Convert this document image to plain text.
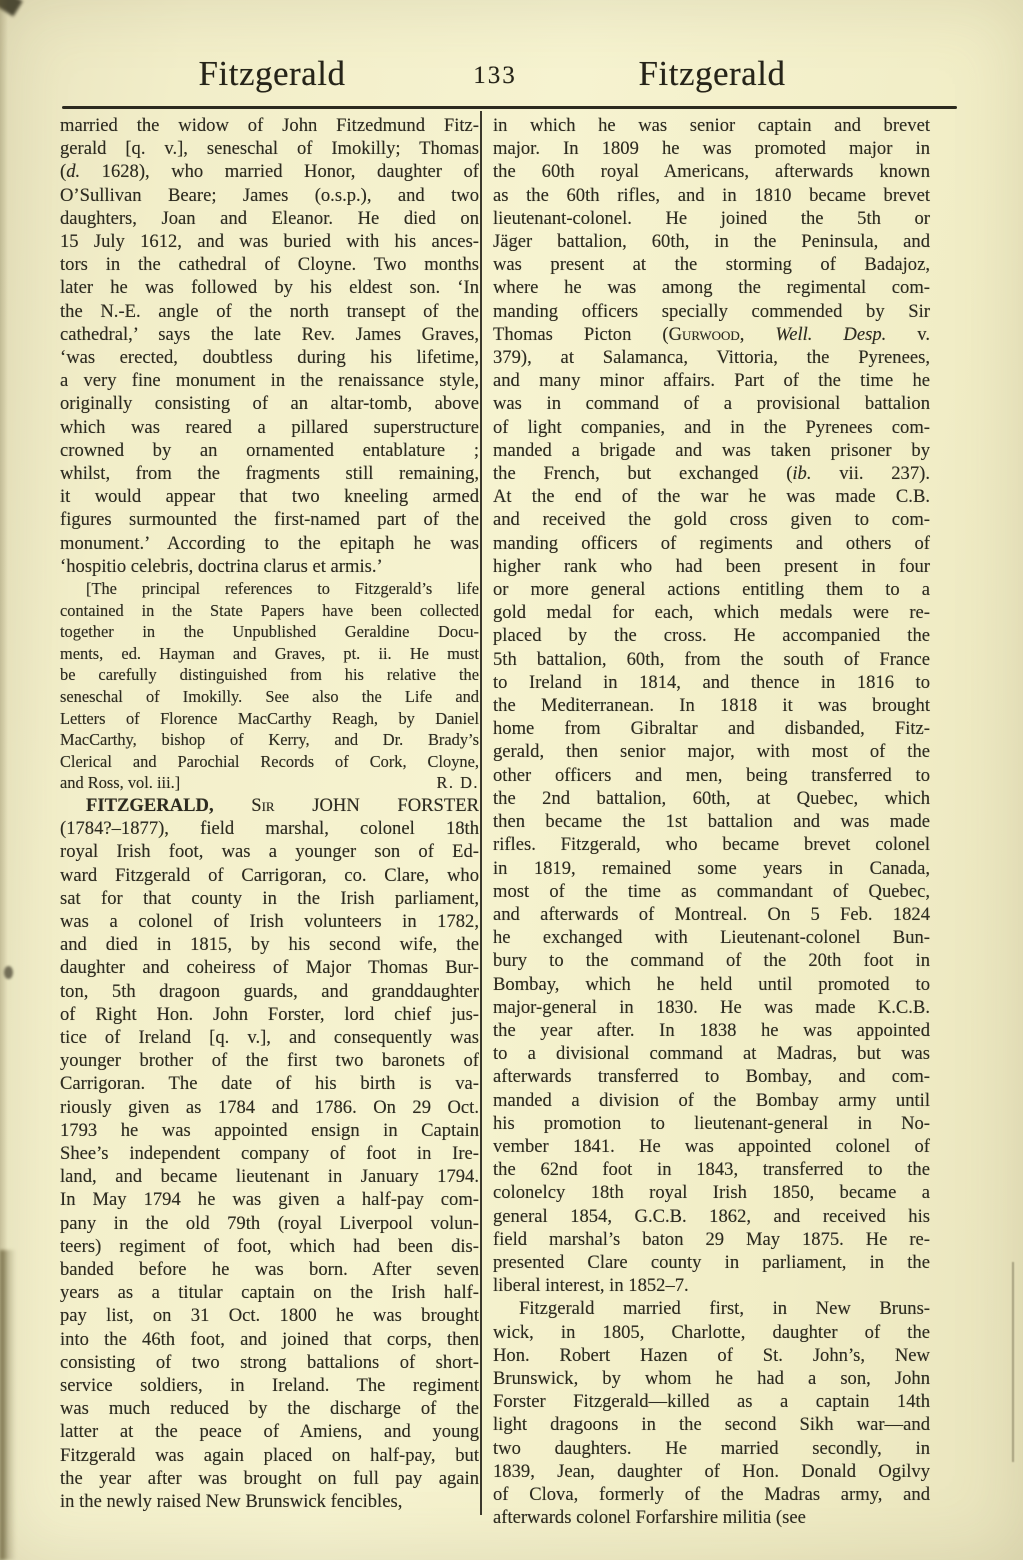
Fitzgerald	133	Fitzgerald
married the widow of John Fitzedmund Fitz-
gerald [q. v.], seneschal of Imokilly; Thomas
(d. 1628), who married Honor, daughter of
O’Sullivan Beare; James (o.s.p.), and two
daughters, Joan and Eleanor. He died on
15 July 1612, and was buried with his ances-
tors in the cathedral of Cloyne. Two months
later he was followed by his eldest son. ‘In
the N.-E. angle of the north transept of the
cathedral,’ says the late Rev. James Graves,
‘was erected, doubtless during his lifetime,
a very fine monument in the renaissance style,
originally consisting of an altar-tomb, above
which was reared a pillared superstructure
crowned by an ornamented entablature ;
whilst, from the fragments still remaining,
it would appear that two kneeling armed
figures surmounted the first-named part of the
monument.’ According to the epitaph he was
‘hospitio celebris, doctrina clarus et armis.’
[The principal references to Fitzgerald’s life
contained in the State Papers have been collected
together in the Unpublished Geraldine Docu-
ments, ed. Hayman and Graves, pt. ii. He must
be carefully distinguished from his relative the
seneschal of Imokilly. See also the Life and
Letters of Florence MacCarthy Reagh, by Daniel
MacCarthy, bishop of Kerry, and Dr. Brady’s
Clerical and Parochial Records of Cork, Cloyne,
and Ross, vol. iii.]	R. D.
FITZGERALD, Sir JOHN FORSTER
(1784?–1877), field marshal, colonel 18th
royal Irish foot, was a younger son of Ed-
ward Fitzgerald of Carrigoran, co. Clare, who
sat for that county in the Irish parliament,
was a colonel of Irish volunteers in 1782,
and died in 1815, by his second wife, the
daughter and coheiress of Major Thomas Bur-
ton, 5th dragoon guards, and granddaughter
of Right Hon. John Forster, lord chief jus-
tice of Ireland [q. v.], and consequently was
younger brother of the first two baronets of
Carrigoran. The date of his birth is va-
riously given as 1784 and 1786. On 29 Oct.
1793 he was appointed ensign in Captain
Shee’s independent company of foot in Ire-
land, and became lieutenant in January 1794.
In May 1794 he was given a half-pay com-
pany in the old 79th (royal Liverpool volun-
teers) regiment of foot, which had been dis-
banded before he was born. After seven
years as a titular captain on the Irish half-
pay list, on 31 Oct. 1800 he was brought
into the 46th foot, and joined that corps, then
consisting of two strong battalions of short-
service soldiers, in Ireland. The regiment
was much reduced by the discharge of the
latter at the peace of Amiens, and young
Fitzgerald was again placed on half-pay, but
the year after was brought on full pay again
in the newly raised New Brunswick fencibles,
in which he was senior captain and brevet
major. In 1809 he was promoted major in
the 60th royal Americans, afterwards known
as the 60th rifles, and in 1810 became brevet
lieutenant-colonel. He joined the 5th or
Jäger battalion, 60th, in the Peninsula, and
was present at the storming of Badajoz,
where he was among the regimental com-
manding officers specially commended by Sir
Thomas Picton (Gurwood, Well. Desp. v.
379), at Salamanca, Vittoria, the Pyrenees,
and many minor affairs. Part of the time he
was in command of a provisional battalion
of light companies, and in the Pyrenees com-
manded a brigade and was taken prisoner by
the French, but exchanged (ib. vii. 237).
At the end of the war he was made C.B.
and received the gold cross given to com-
manding officers of regiments and others of
higher rank who had been present in four
or more general actions entitling them to a
gold medal for each, which medals were re-
placed by the cross. He accompanied the
5th battalion, 60th, from the south of France
to Ireland in 1814, and thence in 1816 to
the Mediterranean. In 1818 it was brought
home from Gibraltar and disbanded, Fitz-
gerald, then senior major, with most of the
other officers and men, being transferred to
the 2nd battalion, 60th, at Quebec, which
then became the 1st battalion and was made
rifles. Fitzgerald, who became brevet colonel
in 1819, remained some years in Canada,
most of the time as commandant of Quebec,
and afterwards of Montreal. On 5 Feb. 1824
he exchanged with Lieutenant-colonel Bun-
bury to the command of the 20th foot in
Bombay, which he held until promoted to
major-general in 1830. He was made K.C.B.
the year after. In 1838 he was appointed
to a divisional command at Madras, but was
afterwards transferred to Bombay, and com-
manded a division of the Bombay army until
his promotion to lieutenant-general in No-
vember 1841. He was appointed colonel of
the 62nd foot in 1843, transferred to the
colonelcy 18th royal Irish 1850, became a
general 1854, G.C.B. 1862, and received his
field marshal’s baton 29 May 1875. He re-
presented Clare county in parliament, in the
liberal interest, in 1852–7.
Fitzgerald married first, in New Bruns-
wick, in 1805, Charlotte, daughter of the
Hon. Robert Hazen of St. John’s, New
Brunswick, by whom he had a son, John
Forster Fitzgerald—killed as a captain 14th
light dragoons in the second Sikh war—and
two daughters. He married secondly, in
1839, Jean, daughter of Hon. Donald Ogilvy
of Clova, formerly of the Madras army, and
afterwards colonel Forfarshire militia (see
